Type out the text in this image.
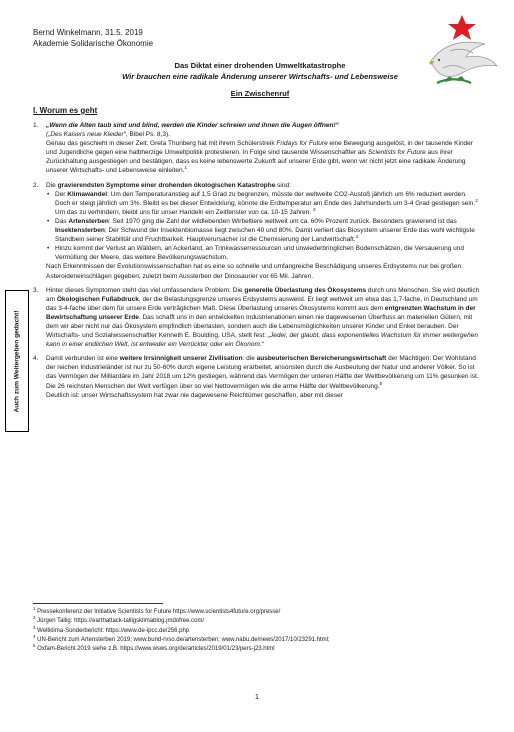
Bernd Winkelmann, 31.5. 2019
Akademie Solidarische Ökonomie
Das Diktat einer drohenden Umweltkatastrophe
Wir brauchen eine radikale Änderung unserer Wirtschafts- und Lebensweise
Ein Zwischenruf
I. Worum es geht
Auch zum Weitergeben gedacht!
1. „Wenn die Alten taub sind und blind, werden die Kinder schreien und ihnen die Augen öffnen!“
(„Des Kaisers neue Kleider“, Bibel Ps. 8,3).
Genau das geschieht in dieser Zeit: Greta Thunberg hat mit ihrem Schülerstreik Fridays for Future eine Bewegung ausgelöst, in der tausende Kinder und Jugendliche gegen eine halbherzige Umweltpolitik protestieren. In Folge sind tausende Wissenschaftler als Scientists for Future aus ihrer Zurückhaltung ausgestiegen und bestätigen, dass es keine lebenswerte Zukunft auf unserer Erde gibt, wenn wir nicht jetzt eine radikale Änderung unserer Wirtschafts- und Lebensweise einleiten.$^1$
2. Die gravierendsten Symptome einer drohenden ökologischen Katastrophe sind:
• Der Klimawandel: Um den Temperaturanstieg auf 1,5 Grad zu begrenzen, müsste der weltweite CO2-Austoß jährlich um 6% reduziert werden. Doch er steigt jährlich um 3%. Bleibt es bei dieser Entwicklung, könnte die Erdtemperatur am Ende des Jahrhunderts um 3-4 Grad gestiegen sein.$^2$ Um das zu verhindern, bleibt uns für unser Handeln ein Zeitfenster von ca. 10-15 Jahren. $^3$
• Das Artensterben: Seit 1970 ging die Zahl der wildlebenden Wirbeltiere weltweit um ca. 60% Prozent zurück. Besonders gravierend ist das Insektensterben; Der Schwund der Insektenbiomasse liegt zwischen 40 und 80%. Damit verliert das Biosystem unserer Erde das wohl wichtigste Standbein seiner Stabilität und Fruchtbarkeit. Hauptverursacher ist die Chemisierung der Landwirtschaft.$^4$
• Hinzu kommt der Verlust an Wäldern, an Ackerland, an Trinkwasserressourcen und unwiederbringlichen Bodenschätzen, die Versauerung und Vermüllung der Meere, das weitere Bevölkerungswachstum.
Nach Erkenntnissen der Evolutionswissenschaften hat es eine so schnelle und umfangreiche Beschädigung unseres Erdsystems nur bei großen Asteroideneinschlägen gegeben, zuletzt beim Aussterben der Dinosaurier vor 65 Mil. Jahren.
3. Hinter dieses Symptomen steht das viel umfassendere Problem: Die generelle Überlastung des Ökosystems durch uns Menschen. Sie wird deutlich am Ökologischen Fußabdruck, der die Belastungsgrenze unseres Erdsystems ausweist. Er liegt weltweit um etwa das 1,7-fache, in Deutschland um das 3-4-fache über dem für unsere Erde verträglichen Maß. Diese Überlastung unseres Ökosystems kommt aus dem entgrenzten Wachstum in der Bewirtschaftung unserer Erde. Das schafft uns in den entwickelten Industrienationen einen nie dagewesenen Überfluss an materiellen Gütern, mit dem wir aber nicht nur das Ökosystem empfindlich überlasten, sondern auch die Lebensmöglichkeiten unserer Kinder und Enkel berauben. Der Wirtschafts- und Sozialwissenschaftler Kenneth E. Boulding, USA, stellt fest: „Jeder, der glaubt, dass exponentielles Wachstum für immer weitergehen kann in einer endlichen Welt, ist entweder ein Verrückter oder ein Ökonom.“
4. Damit verbunden ist eine weitere Irrsinnigkeit unserer Zivilisation: die ausbeuterischen Bereicherungswirtschaft der Mächtigen: Der Wohlstand der reichen Industrieländer ist nur zu 50-60% durch eigene Leistung erarbeitet, ansonsten durch die Ausbeutung der Natur und anderer Völker. So ist das Vermögen der Milliardäre im Jahr 2018 um 12% gestiegen, während das Vermögen der unteren Hälfte der Weltbevölkerung um 11% gesunken ist. Die 26 reichsten Menschen der Welt verfügen über so viel Nettovermögen wie die arme Hälfte der Weltbevölkerung.$^5$
Deutlich ist: unser Wirtschaftssystem hat zwar nie dagewesene Reichtümer geschaffen, aber mit dieser
$^1$ Pressekonferenz der Initiative Scientists for Future https://www.scientists4future.org/presse/
$^2$ Jürgen Tallig: https://earthattack-talligsklimablog.jmdofree.com/
$^3$ Weltklima-Sonderbericht: https://www.de-ipcc.de/256.php
$^4$ UN-Bericht zum Artensterben 2019; www.bund-rvso.de/artensterben; www.nabu.de/news/2017/10/23291.html;
$^5$ Oxfam-Bericht 2019 siehe z.B. https://www.wsws.org/de/articles/2019/01/23/pers-j23.html
1
